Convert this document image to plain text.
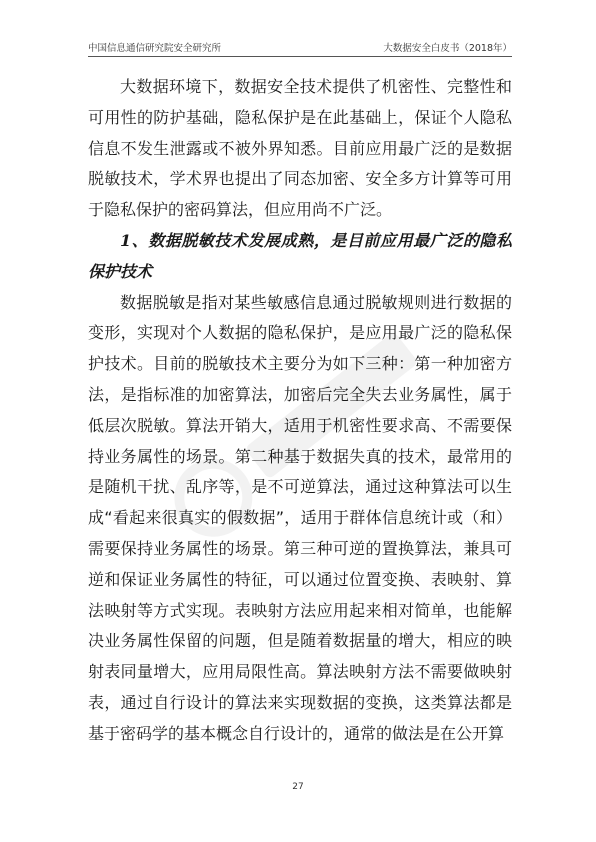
中国信息通信研究院安全研究所	大数据安全白皮书（2018年）

大数据环境下，数据安全技术提供了机密性、完整性和可用性的防护基础，隐私保护是在此基础上，保证个人隐私信息不发生泄露或不被外界知悉。目前应用最广泛的是数据脱敏技术，学术界也提出了同态加密、安全多方计算等可用于隐私保护的密码算法，但应用尚不广泛。

1、数据脱敏技术发展成熟，是目前应用最广泛的隐私保护技术

数据脱敏是指对某些敏感信息通过脱敏规则进行数据的变形，实现对个人数据的隐私保护，是应用最广泛的隐私保护技术。目前的脱敏技术主要分为如下三种：第一种加密方法，是指标准的加密算法，加密后完全失去业务属性，属于低层次脱敏。算法开销大，适用于机密性要求高、不需要保持业务属性的场景。第二种基于数据失真的技术，最常用的是随机干扰、乱序等，是不可逆算法，通过这种算法可以生成“看起来很真实的假数据”，适用于群体信息统计或（和）需要保持业务属性的场景。第三种可逆的置换算法，兼具可逆和保证业务属性的特征，可以通过位置变换、表映射、算法映射等方式实现。表映射方法应用起来相对简单，也能解决业务属性保留的问题，但是随着数据量的增大，相应的映射表同量增大，应用局限性高。算法映射方法不需要做映射表，通过自行设计的算法来实现数据的变换，这类算法都是基于密码学的基本概念自行设计的，通常的做法是在公开算

27
